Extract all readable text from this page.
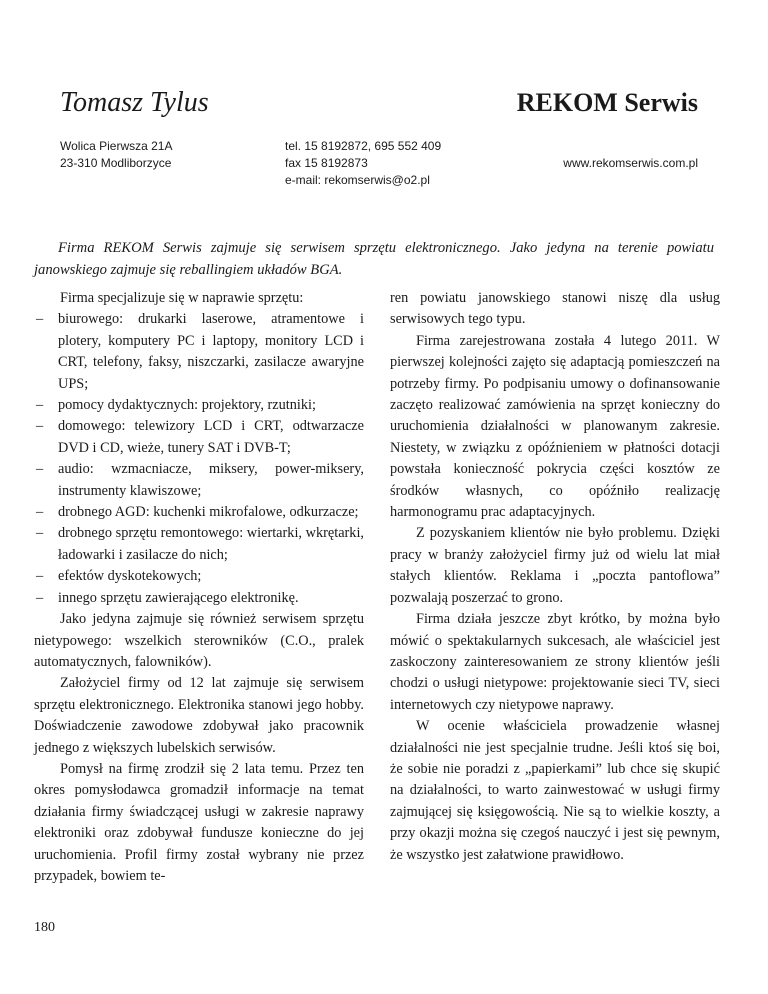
Tomasz Tylus	REKOM Serwis
Wolica Pierwsza 21A
23-310 Modliborzyce
tel. 15 8192872, 695 552 409
fax 15 8192873
e-mail: rekomserwis@o2.pl
www.rekomserwis.com.pl
Firma REKOM Serwis zajmuje się serwisem sprzętu elektronicznego. Jako jedyna na terenie powiatu janowskiego zajmuje się reballingiem układów BGA.

Firma specjalizuje się w naprawie sprzętu:

– biurowego: drukarki laserowe, atramentowe i plotery, komputery PC i laptopy, monitory LCD i CRT, telefony, faksy, niszczarki, zasilacze awaryjne UPS;
– pomocy dydaktycznych: projektory, rzutniki;
– domowego: telewizory LCD i CRT, odtwarzacze DVD i CD, wieże, tunery SAT i DVB-T;
– audio: wzmacniacze, miksery, power-miksery, instrumenty klawiszowe;
– drobnego AGD: kuchenki mikrofalowe, odkurzacze;
– drobnego sprzętu remontowego: wiertarki, wkrętarki, ładowarki i zasilacze do nich;
– efektów dyskotekowych;
– innego sprzętu zawierającego elektronikę.

Jako jedyna zajmuje się również serwisem sprzętu nietypowego: wszelkich sterowników (C.O., pralek automatycznych, falowników).

Założyciel firmy od 12 lat zajmuje się serwisem sprzętu elektronicznego. Elektronika stanowi jego hobby. Doświadczenie zawodowe zdobywał jako pracownik jednego z większych lubelskich serwisów.

Pomysł na firmę zrodził się 2 lata temu. Przez ten okres pomysłodawca gromadził informacje na temat działania firmy świadczącej usługi w zakresie naprawy elektroniki oraz zdobywał fundusze konieczne do jej uruchomienia. Profil firmy został wybrany nie przez przypadek, bowiem te-

ren powiatu janowskiego stanowi niszę dla usług serwisowych tego typu.

Firma zarejestrowana została 4 lutego 2011. W pierwszej kolejności zajęto się adaptacją pomieszczeń na potrzeby firmy. Po podpisaniu umowy o dofinansowanie zaczęto realizować zamówienia na sprzęt konieczny do uruchomienia działalności w planowanym zakresie. Niestety, w związku z opóźnieniem w płatności dotacji powstała konieczność pokrycia części kosztów ze środków własnych, co opóźniło realizację harmonogramu prac adaptacyjnych.

Z pozyskaniem klientów nie było problemu. Dzięki pracy w branży założyciel firmy już od wielu lat miał stałych klientów. Reklama i „poczta pantoflowa” pozwalają poszerzać to grono.

Firma działa jeszcze zbyt krótko, by można było mówić o spektakularnych sukcesach, ale właściciel jest zaskoczony zainteresowaniem ze strony klientów jeśli chodzi o usługi nietypowe: projektowanie sieci TV, sieci internetowych czy nietypowe naprawy.

W ocenie właściciela prowadzenie własnej działalności nie jest specjalnie trudne. Jeśli ktoś się boi, że sobie nie poradzi z „papierkami” lub chce się skupić na działalności, to warto zainwestować w usługi firmy zajmującej się księgowością. Nie są to wielkie koszty, a przy okazji można się czegoś nauczyć i jest się pewnym, że wszystko jest załatwione prawidłowo.

180
